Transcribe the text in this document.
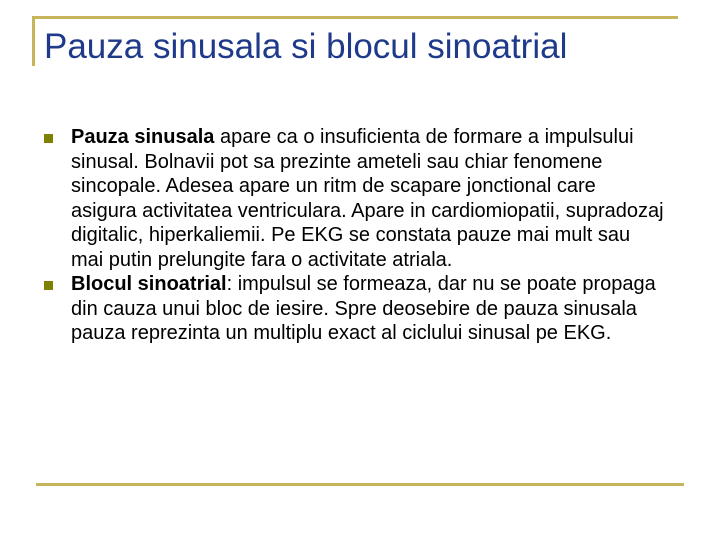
Pauza sinusala si blocul sinoatrial
Pauza sinusala apare ca o insuficienta de formare a impulsului sinusal. Bolnavii pot sa prezinte ameteli sau chiar fenomene sincopale. Adesea apare un ritm de scapare jonctional care asigura activitatea ventriculara. Apare in cardiomiopatii, supradozaj digitalic, hiperkaliemii. Pe EKG se constata pauze mai mult sau mai putin prelungite fara o activitate atriala.
Blocul sinoatrial: impulsul se formeaza, dar nu se poate propaga din cauza unui bloc de iesire. Spre deosebire de pauza sinusala pauza reprezinta un multiplu exact al ciclului sinusal pe EKG.
